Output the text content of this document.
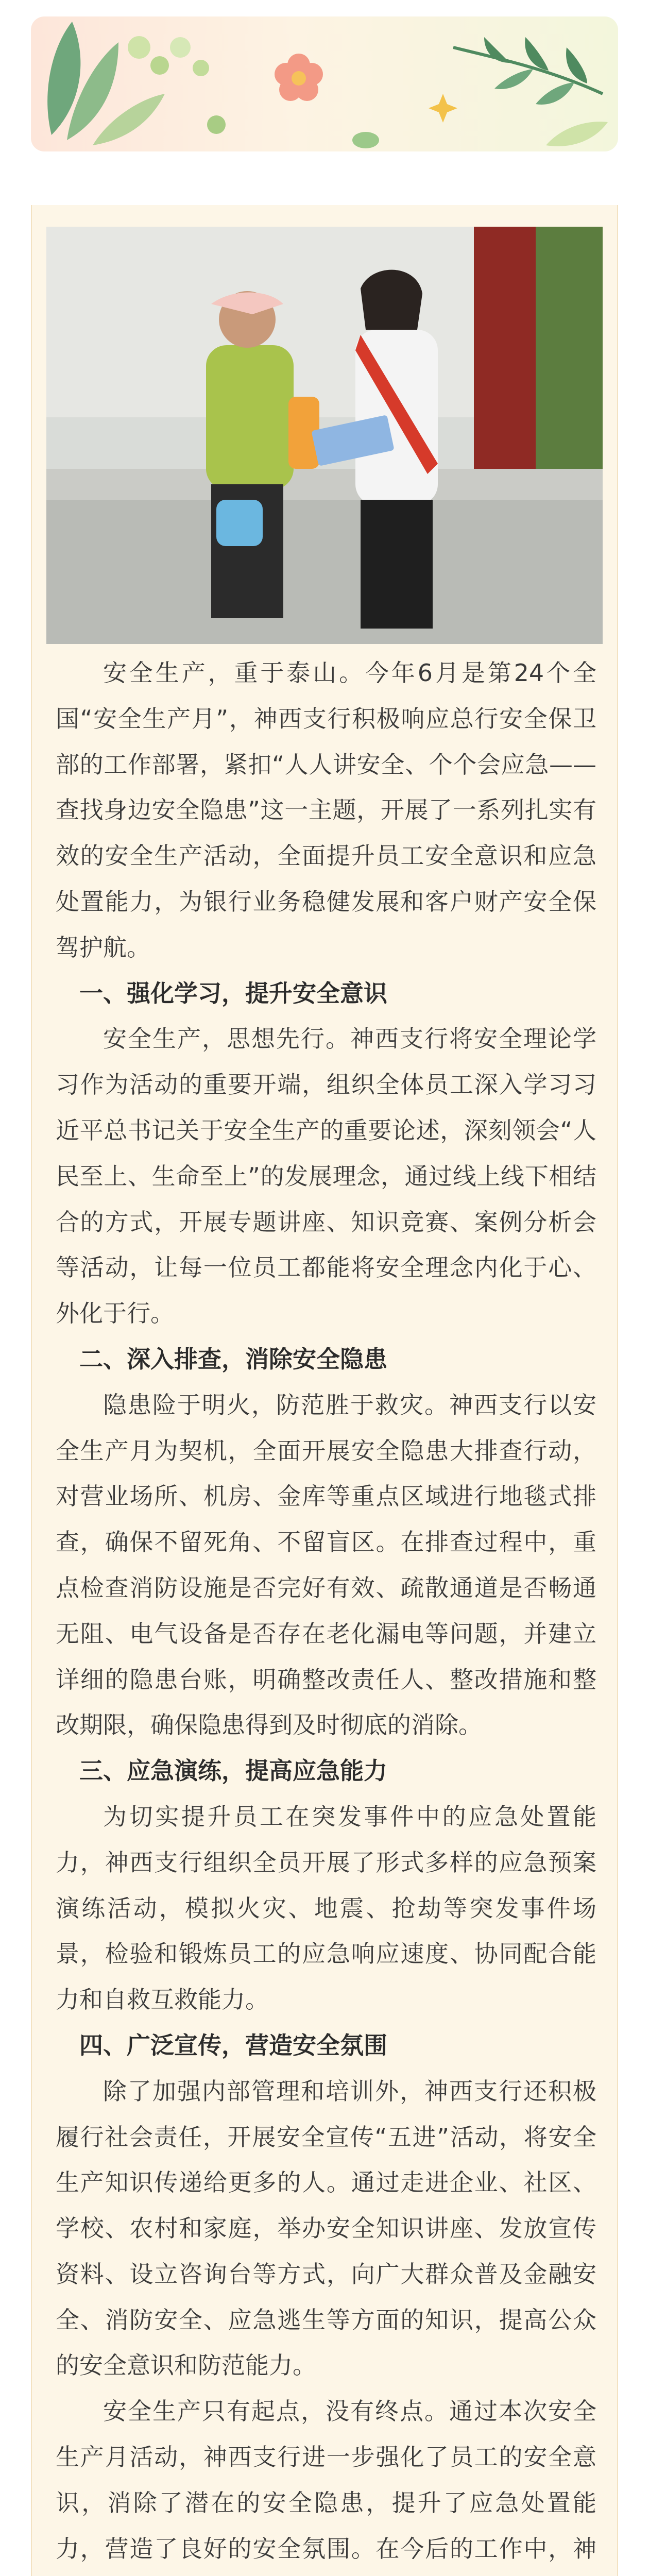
安全生产，重于泰山。今年6月是第24个全国“安全生产月”，神西支行积极响应总行安全保卫部的工作部署，紧扣“人人讲安全、个个会应急——查找身边安全隐患”这一主题，开展了一系列扎实有效的安全生产活动，全面提升员工安全意识和应急处置能力，为银行业务稳健发展和客户财产安全保驾护航。

一、强化学习，提升安全意识

安全生产，思想先行。神西支行将安全理论学习作为活动的重要开端，组织全体员工深入学习习近平总书记关于安全生产的重要论述，深刻领会“人民至上、生命至上”的发展理念，通过线上线下相结合的方式，开展专题讲座、知识竞赛、案例分析会等活动，让每一位员工都能将安全理念内化于心、外化于行。

二、深入排查，消除安全隐患

隐患险于明火，防范胜于救灾。神西支行以安全生产月为契机，全面开展安全隐患大排查行动，对营业场所、机房、金库等重点区域进行地毯式排查，确保不留死角、不留盲区。在排查过程中，重点检查消防设施是否完好有效、疏散通道是否畅通无阻、电气设备是否存在老化漏电等问题，并建立详细的隐患台账，明确整改责任人、整改措施和整改期限，确保隐患得到及时彻底的消除。

三、应急演练，提高应急能力

为切实提升员工在突发事件中的应急处置能力，神西支行组织全员开展了形式多样的应急预案演练活动，模拟火灾、地震、抢劫等突发事件场景，检验和锻炼员工的应急响应速度、协同配合能力和自救互救能力。

四、广泛宣传，营造安全氛围

除了加强内部管理和培训外，神西支行还积极履行社会责任，开展安全宣传“五进”活动，将安全生产知识传递给更多的人。通过走进企业、社区、学校、农村和家庭，举办安全知识讲座、发放宣传资料、设立咨询台等方式，向广大群众普及金融安全、消防安全、应急逃生等方面的知识，提高公众的安全意识和防范能力。

安全生产只有起点，没有终点。通过本次安全生产月活动，神西支行进一步强化了员工的安全意识，消除了潜在的安全隐患，提升了应急处置能力，营造了良好的安全氛围。在今后的工作中，神
